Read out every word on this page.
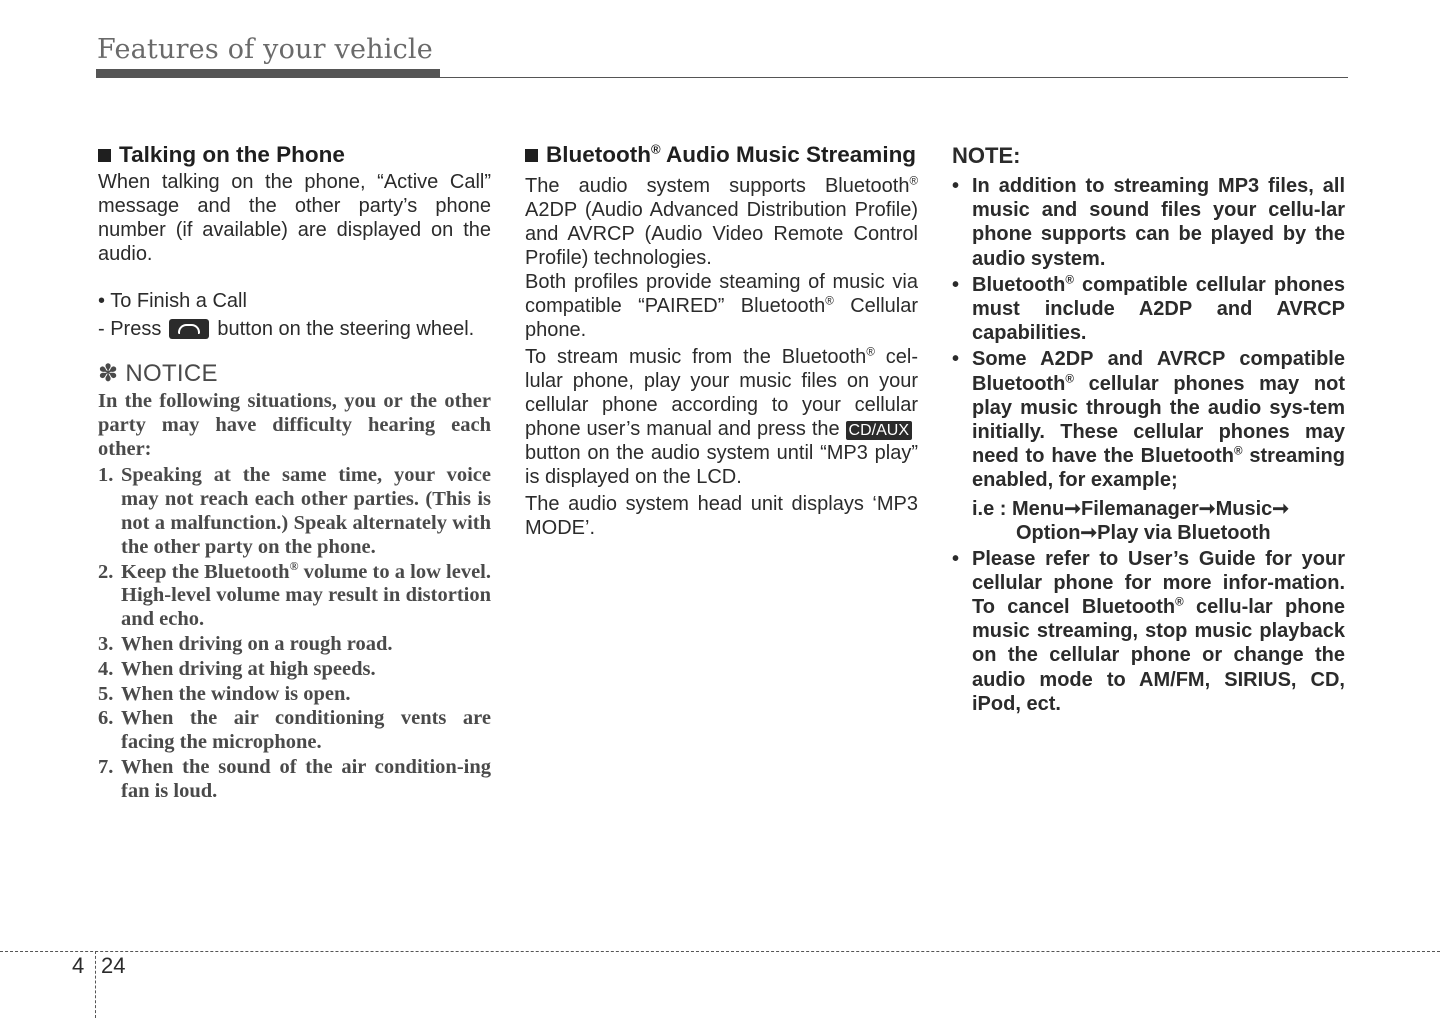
Features of your vehicle
Talking on the Phone

When talking on the phone, “Active Call” message and the other party’s phone number (if available) are displayed on the audio.

• To Finish a Call
- Press	button on the steering wheel.
✽ NOTICE
In the following situations, you or the other party may have difficulty hearing each other:
1. Speaking at the same time, your voice may not reach each other parties. (This is not a malfunction.) Speak alternately with the other party on the phone.
2. Keep the Bluetooth® volume to a low level. High-level volume may result in distortion and echo.
3. When driving on a rough road.
4. When driving at high speeds.
5. When the window is open.
6. When the air conditioning vents are facing the microphone.
7. When the sound of the air condition-ing fan is loud.
Bluetooth® Audio Music Streaming

The audio system supports Bluetooth® A2DP (Audio Advanced Distribution Profile) and AVRCP (Audio Video Remote Control Profile) technologies.

Both profiles provide steaming of music via compatible “PAIRED” Bluetooth® Cellular phone.

To stream music from the Bluetooth® cel-lular phone, play your music files on your cellular phone according to your cellular phone user’s manual and press the CD/AUXbutton on the audio system until “MP3 play” is displayed on the LCD.

The audio system head unit displays ‘MP3 MODE’.

NOTE:
• In addition to streaming MP3 files, all music and sound files your cellu-lar phone supports can be played by the audio system.
• Bluetooth® compatible cellular phones must include A2DP and AVRCP capabilities.
• Some A2DP and AVRCP compatible Bluetooth® cellular phones may not play music through the audio sys-tem initially. These cellular phones may need to have the Bluetooth® streaming enabled, for example;
i.e : Menu➞Filemanager➞Music➞
Option➞Play via Bluetooth
• Please refer to User’s Guide for your cellular phone for more infor-mation. To cancel Bluetooth® cellu-lar phone music streaming, stop music playback on the cellular phone or change the audio mode to AM/FM, SIRIUS, CD, iPod, ect.
4 24
